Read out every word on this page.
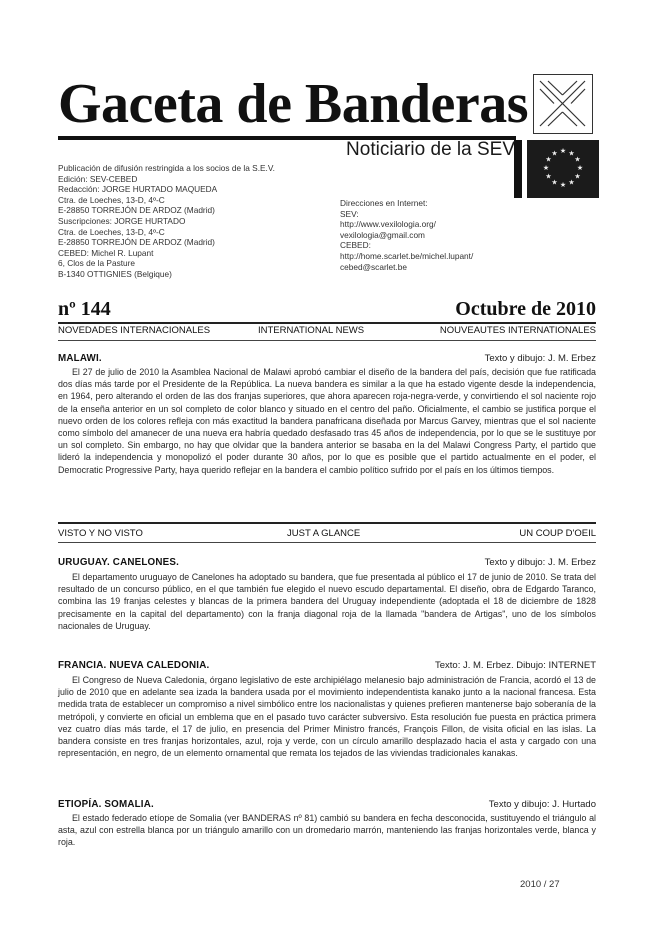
Gaceta de Banderas
★ ★
★
★
★
★
★
★
★
★
★
★
Noticiario de la SEV
Publicación de difusión restringida a los socios de la S.E.V.
Edición: SEV-CEBED
Redacción: JORGE HURTADO MAQUEDA
Ctra. de Loeches, 13-D, 4º-C
E-28850 TORREJÓN DE ARDOZ (Madrid)
Suscripciones: JORGE HURTADO
Ctra. de Loeches, 13-D, 4º-C
E-28850 TORREJÓN DE ARDOZ (Madrid)
CEBED: Michel R. Lupant
6, Clos de la Pasture
B-1340 OTTIGNIES (Belgique)
Direcciones en Internet:
SEV:
http://www.vexilologia.org/
vexilologia@gmail.com
CEBED:
http://home.scarlet.be/michel.lupant/
cebed@scarlet.be
nº 144	Octubre de 2010
NOVEDADES INTERNACIONALES	INTERNATIONAL NEWS	NOUVEAUTES INTERNATIONALES
MALAWI.	Texto y dibujo: J. M. Erbez

El 27 de julio de 2010 la Asamblea Nacional de Malawi aprobó cambiar el diseño de la bandera del país, decisión que fue ratificada dos días más tarde por el Presidente de la República. La nueva bandera es similar a la que ha estado vigente desde la independencia, en 1964, pero alterando el orden de las dos franjas superiores, que ahora aparecen roja-negra-verde, y convirtiendo el sol naciente rojo de la enseña anterior en un sol completo de color blanco y situado en el centro del paño. Oficialmente, el cambio se justifica porque el nuevo orden de los colores refleja con más exactitud la bandera panafricana diseñada por Marcus Garvey, mientras que el sol naciente como símbolo del amanecer de una nueva era habría quedado desfasado tras 45 años de independencia, por lo que se le sustituye por un sol completo. Sin embargo, no hay que olvidar que la bandera anterior se basaba en la del Malawi Congress Party, el partido que lideró la independencia y monopolizó el poder durante 30 años, por lo que es posible que el partido actualmente en el poder, el Democratic Progressive Party, haya querido reflejar en la bandera el cambio político sufrido por el país en los últimos tiempos.

VISTO Y NO VISTO	JUST A GLANCE	UN COUP D'OEIL
URUGUAY. CANELONES.	Texto y dibujo: J. M. Erbez

El departamento uruguayo de Canelones ha adoptado su bandera, que fue presentada al público el 17 de junio de 2010. Se trata del resultado de un concurso público, en el que también fue elegido el nuevo escudo departamental. El diseño, obra de Edgardo Taranco, combina las 19 franjas celestes y blancas de la primera bandera del Uruguay independiente (adoptada el 18 de diciembre de 1828 precisamente en la capital del departamento) con la franja diagonal roja de la llamada "bandera de Artigas", uno de los símbolos nacionales de Uruguay.

FRANCIA. NUEVA CALEDONIA.	Texto: J. M. Erbez. Dibujo: INTERNET

El Congreso de Nueva Caledonia, órgano legislativo de este archipiélago melanesio bajo administración de Francia, acordó el 13 de julio de 2010 que en adelante sea izada la bandera usada por el movimiento independentista kanako junto a la nacional francesa. Esta medida trata de establecer un compromiso a nivel simbólico entre los nacionalistas y quienes prefieren mantenerse bajo soberanía de la metrópoli, y convierte en oficial un emblema que en el pasado tuvo carácter subversivo. Esta resolución fue puesta en práctica primera vez cuatro días más tarde, el 17 de julio, en presencia del Primer Ministro francés, François Fillon, de visita oficial en las islas. La bandera consiste en tres franjas horizontales, azul, roja y verde, con un círculo amarillo desplazado hacia el asta y cargado con una representación, en negro, de un elemento ornamental que remata los tejados de las viviendas tradicionales kanakas.

ETIOPÍA. SOMALIA.	Texto y dibujo: J. Hurtado

El estado federado etíope de Somalia (ver BANDERAS nº 81) cambió su bandera en fecha desconocida, sustituyendo el triángulo al asta, azul con estrella blanca por un triángulo amarillo con un dromedario marrón, manteniendo las franjas horizontales verde, blanca y roja.

2010 / 27
